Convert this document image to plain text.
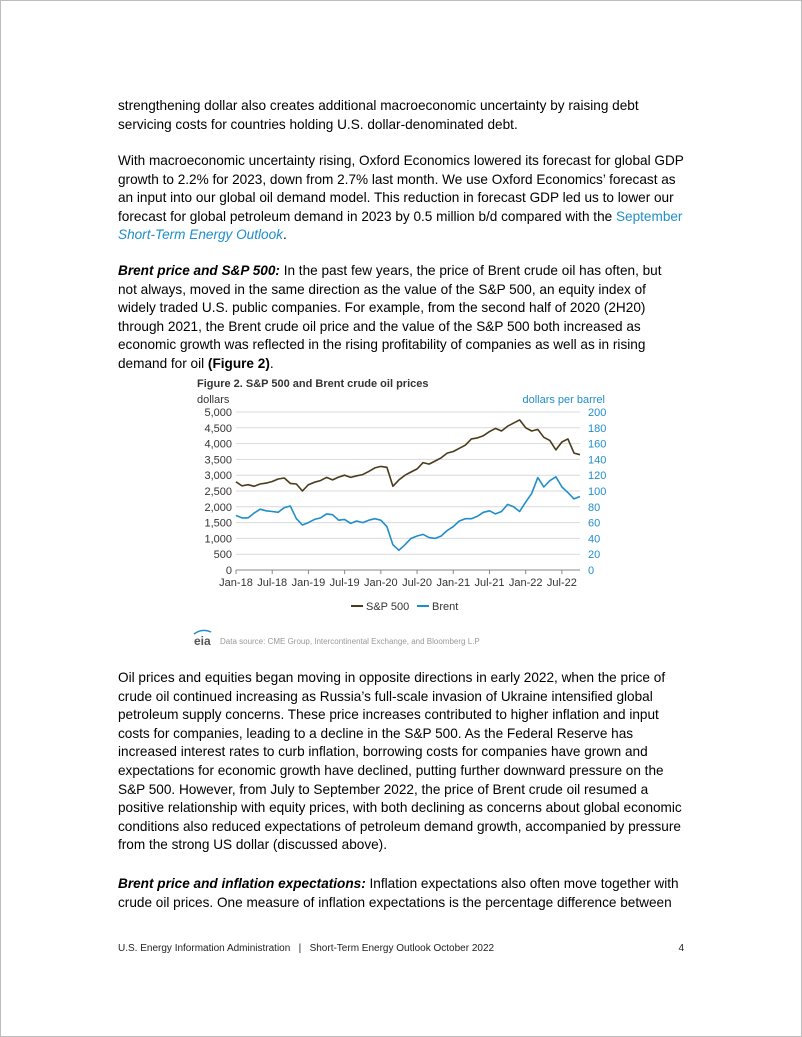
strengthening dollar also creates additional macroeconomic uncertainty by raising debt servicing costs for countries holding U.S. dollar-denominated debt.

With macroeconomic uncertainty rising, Oxford Economics lowered its forecast for global GDP growth to 2.2% for 2023, down from 2.7% last month. We use Oxford Economics’ forecast as an input into our global oil demand model. This reduction in forecast GDP led us to lower our forecast for global petroleum demand in 2023 by 0.5 million b/d compared with the September Short-Term Energy Outlook.

Brent price and S&P 500: In the past few years, the price of Brent crude oil has often, but not always, moved in the same direction as the value of the S&P 500, an equity index of widely traded U.S. public companies. For example, from the second half of 2020 (2H20) through 2021, the Brent crude oil price and the value of the S&P 500 both increased as economic growth was reflected in the rising profitability of companies as well as in rising demand for oil (Figure 2).

Figure 2. S&P 500 and Brent crude oil prices
dollars	dollars per barrel
5,000	200
4,500	180
4,000	160
3,500	140
3,000	120
2,500	100
2,000	80
1,500	60
1,000	40
500	20
0	0
Jan-18 Jul-18 Jan-19 Jul-19 Jan-20 Jul-20 Jan-21 Jul-21 Jan-22 Jul-22
S&P 500 Brent
eia Data source: CME Group, Intercontinental Exchange, and Bloomberg L.P

Oil prices and equities began moving in opposite directions in early 2022, when the price of crude oil continued increasing as Russia’s full-scale invasion of Ukraine intensified global petroleum supply concerns. These price increases contributed to higher inflation and input costs for companies, leading to a decline in the S&P 500. As the Federal Reserve has increased interest rates to curb inflation, borrowing costs for companies have grown and expectations for economic growth have declined, putting further downward pressure on the S&P 500. However, from July to September 2022, the price of Brent crude oil resumed a positive relationship with equity prices, with both declining as concerns about global economic conditions also reduced expectations of petroleum demand growth, accompanied by pressure from the strong US dollar (discussed above).

Brent price and inflation expectations: Inflation expectations also often move together with crude oil prices. One measure of inflation expectations is the percentage difference between

U.S. Energy Information Administration   |   Short-Term Energy Outlook October 2022	4
